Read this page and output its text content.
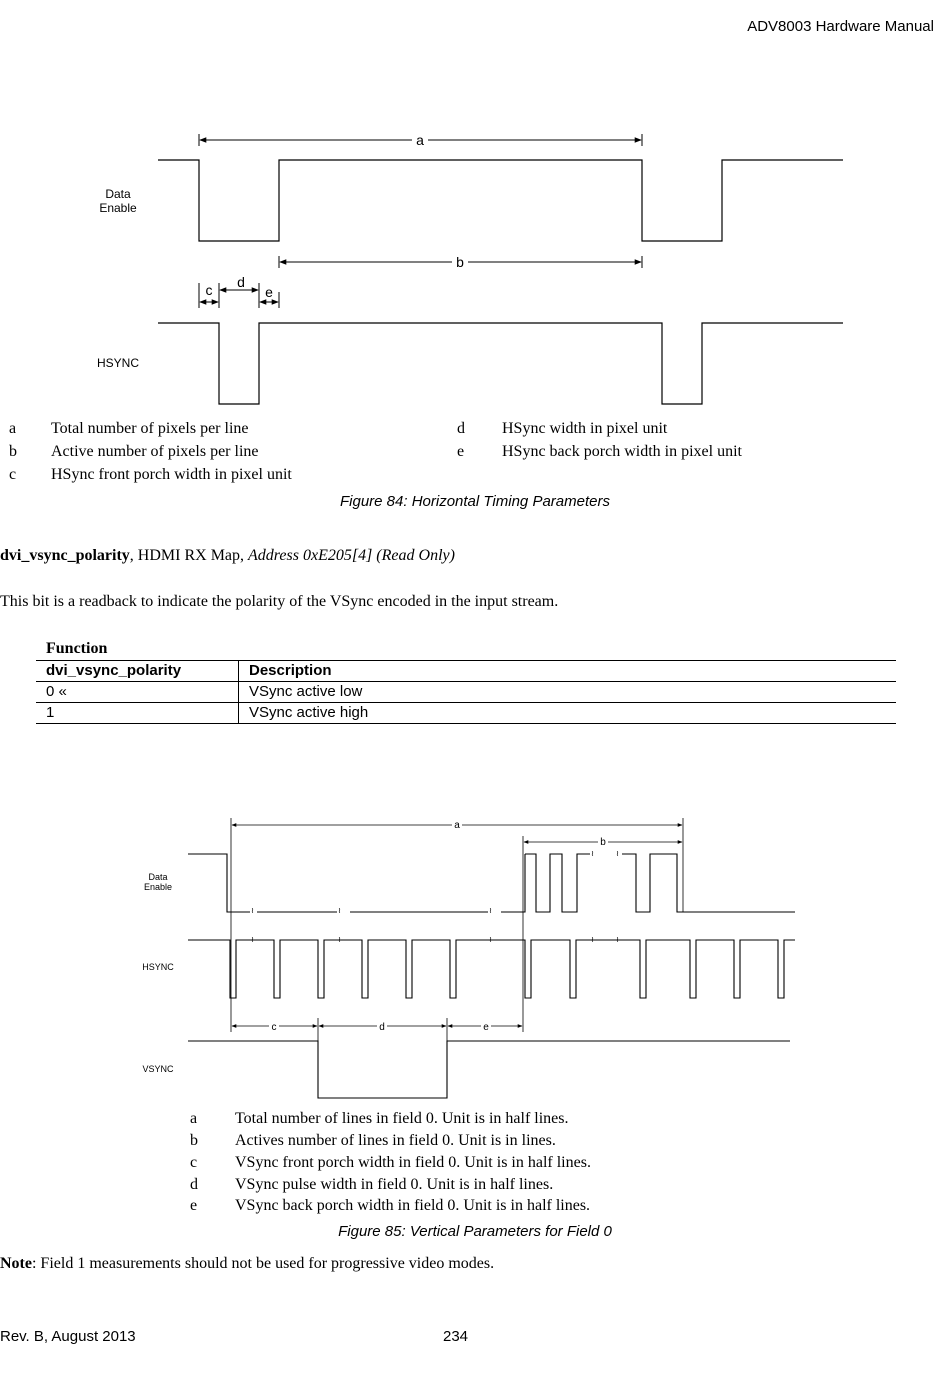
ADV8003 Hardware Manual
a
b
c d
e
Data
Enable
HSYNC
a Total number of pixels per line
b Active number of pixels per line
c HSync front porch width in pixel unit
d HSync width in pixel unit
e HSync back porch width in pixel unit
Figure 84: Horizontal Timing Parameters
dvi_vsync_polarity, HDMI RX Map, Address 0xE205[4] (Read Only)
This bit is a readback to indicate the polarity of the VSync encoded in the input stream.
Function	
dvi_vsync_polarity	Description
0 «	VSync active low
1	VSync active high
≀	≀	≀
≀	≀	≀
≀	≀
≀	≀
a
b
c	d	e
Data
Enable
HSYNC
VSYNC
a Total number of lines in field 0. Unit is in half lines.
b Actives number of lines in field 0. Unit is in lines.
c VSync front porch width in field 0. Unit is in half lines.
d VSync pulse width in field 0. Unit is in half lines.
e VSync back porch width in field 0. Unit is in half lines.
Figure 85: Vertical Parameters for Field 0
Note: Field 1 measurements should not be used for progressive video modes.
Rev. B, August 2013	234
